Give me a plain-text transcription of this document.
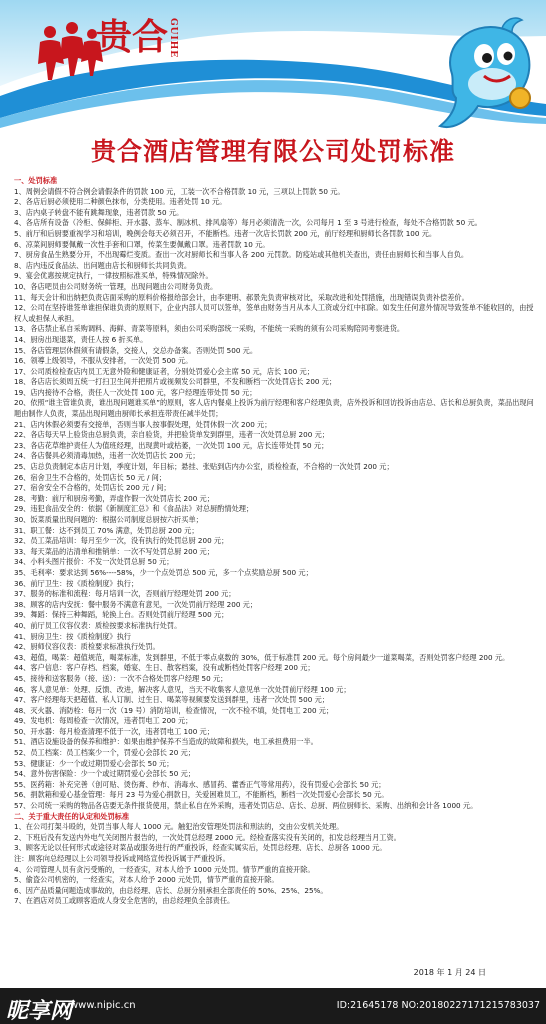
贵合 GUIHE
贵合酒店管理有限公司处罚标准

一、处罚标准

1、周例会请假不符合例会请假条件的罚款 100 元，工装一次不合格罚款 10 元，三项以上罚款 50 元。

2、各店后厨必须使用二种颜色抹布，分类使用。违者处罚 10 元。

3、店内桌子转盘不能有跳舞现象，违者罚款 50 元。

4、各店所有设备（冷柜、保鲜柜、开水器、蒸车、制冰机、排风扇等）每月必须清洗一次，公司每月 1 至 3 号进行检查，每处不合格罚款 50 元。

5、前厅和后厨要重视学习和培训，晚例会每天必须召开，不能断档。违者一次店长罚款 200 元，前厅经理和厨师长各罚款 100 元。

6、凉菜间厨师要佩戴一次性手套和口罩，传菜生要佩戴口罩。违者罚款 10 元。

7、厨房食品生熟要分开，不出现霉烂变质。查出一次对厨师长和当事人各 200 元罚款。防疫站或其他机关查出，责任由厨师长和当事人自负。

8、店内违反食品法、出问题由店长和厨师长共同负责。

9、宴会优惠按规定执行，一律按照标准买单，特殊情况除外。

10、各店吧员由公司财务统一管理，出现问题由公司财务负责。

11、每天会计和出纳把负责店面采购的原料价格报给部会计，由李建明、郝景先负责审核对比，采取改进和处罚措施，出现错误负责补偿差价。

12、公司在坚持谁签单谁担保谁负责的原则下，企业内部人员可以签单，签单由财务当月从本人工资或分红中扣除。如发生任何意外情况导致签单不能收回的，由授权人或担保人承担。

13、各店禁止私自采购调料、海鲜、青菜等原料，须由公司采购部统一采购，不能统一采购的须有公司采购陪同考察进货。

14、厨房出现退菜，责任人按 6 折买单。

15、各店管理层休假须有请假条，交接人，交总办备案。否则处罚 500 元。

16、领導上级领导，不服从安排者，一次处罚 500 元。

17、公司质检检查店内员工无意外险和健康证者，分别处罚爱心会主席 50 元，店长 100 元；

18、各店店长须周五统一打扫卫生间并把照片或视频发公司群里，不发和断档一次处罚店长 200 元；

19、店内接待不合格，责任人一次处罚 100 元，客户经理连带处罚 50 元；

20、依照“谁主管谁负责，谁出现问题谁买单”的原则，客人店内餐桌上投诉为前厅经理和客户经理负责，店外投诉和回访投诉由店总、店长和总厨负责，菜品出现问题由制作人负责，菜品出现问题由厨师长承担连带责任减半处罚；

21、店内休假必须要有交接单，否则当事人按事假处理，处罚休假一次 200 元；

22、各店每天早上验货由总厨负责，亲自验货，并把验货单发到群里，违者一次处罚总厨 200 元；

23、各店花草维护责任人为值班经理，出现黄叶或枯萎，一次处罚 100 元，店长连带处罚 50 元；

24、各店餐具必须清毒加热，违者一次处罚店长 200 元；

25、店总负责制定本店月计划，季度计划，年目标；悬挂、张贴到店内办公室，质检检查，不合格的一次处罚 200 元；

26、宿舍卫生不合格的，处罚店长 50 元 / 间；

27、宿舍安全不合格的，处罚店长 200 元 / 间；

28、考勤：前厅和厨房考勤，弄虚作假一次处罚店长 200 元；

29、违犯食品安全的：依据《新制度汇总》和《食品法》对总厨酌情处理；

30、饭菜质量出现问题的：根据公司制度总厨按六折买单；

31、职工餐：达不到员工 70% 满意，处罚总厨 200 元；

32、员工菜品培训：每月至少一次，没有执行的处罚总厨 200 元；

33、每天菜品的沽清单和推销单：一次不写处罚总厨 200 元；

34、小料头图片报价：不发一次处罚总厨 50 元；

35、毛利率：要求达到 56%----58%，少一个点处罚总 500 元，多一个点奖励总厨 500 元；

36、前厅卫生：按《质检制度》执行；

37、服务的标准和流程：每月培训一次，否则前厅经理处罚 200 元；

38、顾客的店内安抚：餐中服务不满意有意见，一次处罚前厅经理 200 元；

39、舞蹈：保持三种舞蹈，轮换上台。否则处罚前厅经理 500 元；

40、前厅员工仪容仪表：质检按要求标准执行处罚。

41、厨房卫生：按《质检制度》执行

42、厨师仪容仪表：质检要求标准执行处罚。

43、超值，喝菜：超值规范，喝菜标准，发到群里，不低于零点桌数的 30%，低于标准罚 200 元。每个房间最少一道菜喝菜，否则处罚客户经理 200 元。

44、客户信息：客户存档、档案，婚宴、生日、散客档案，没有或断档处罚客户经理 200 元；

45、接待和送客服务（接、送）：一次不合格处罚客户经理 50 元；

46、客人意见单：处理、反馈、改进，解决客人意见，当天不收集客人意见单一次处罚前厅经理 100 元；

47、客户经理每天把超值、私人订制、过生日、喝菜等视频要发送到群里，违者一次处罚 500 元；

48、灭火器、消防栓：每月一次（19 号）消防培训，检查情况，一次不检不填，处罚电工 200 元；

49、发电机：每周检查一次情况，违者罚电工 200 元；

50、开水器：每月检查清理不低于一次，违者罚电工 100 元；

51、酒店设施设备的保养和维护：如果由维护保养不当造成的故障和损失，电工承担费用一半。

52、员工档案：员工档案少一个，罚爱心会部长 20 元；

53、健康证：少一个或过期罚爱心会部长 50 元；

54、意外伤害保险：少一个或过期罚爱心会部长 50 元；

55、医药箱：补充完善（创可贴、烫伤膏、纱布、消毒水、感冒药、藿香正气等常用药），没有罚爱心会部长 50 元；

56、捐款箱和爱心基金管理：每月 23 号为爱心捐款日，关爱困难员工，不能断档，断档一次处罚爱心会部长 50 元。

57、公司统一采购的物品各店要无条件报货使用，禁止私自在外采购，违者处罚店总、店长、总厨、两位厨师长、采购、出纳和会计各 1000 元。

二、关于重大责任的认定和处罚标准

1、在公司打架斗殴的，处罚当事人每人 1000 元。触犯治安管理处罚法和刑法的，交由公安机关处理。

2、下班后没有发送内外电气关闭图片报告的，一次处罚总经理 2000 元。经检查落实没有关闭的，扣发总经理当月工资。

3、顾客无论以任何形式或途径对菜品或服务进行的严重投诉，经查实属实后，处罚总经理、店长、总厨各 1000 元。

注：顾客向总经理以上公司领导投诉或网络宣传投诉属于严重投诉。

4、公司管理人员有贪污受贿的，一经查实，对本人给予 1000 元处罚。情节严重的直接开除。

5、偷盗公司机密的，一经查实，对本人给予 2000 元处罚，情节严重的直接开除。

6、因产品质量问题造成事故的，由总经理、店长、总厨分别承担全部责任的 50%、25%、25%。

7、在酒店对员工或顾客造成人身安全危害的，由总经理负全部责任。

2018 年 1 月 24 日
昵享网
www.nipic.cn	ID:21645178 NO:20180227171215783037
